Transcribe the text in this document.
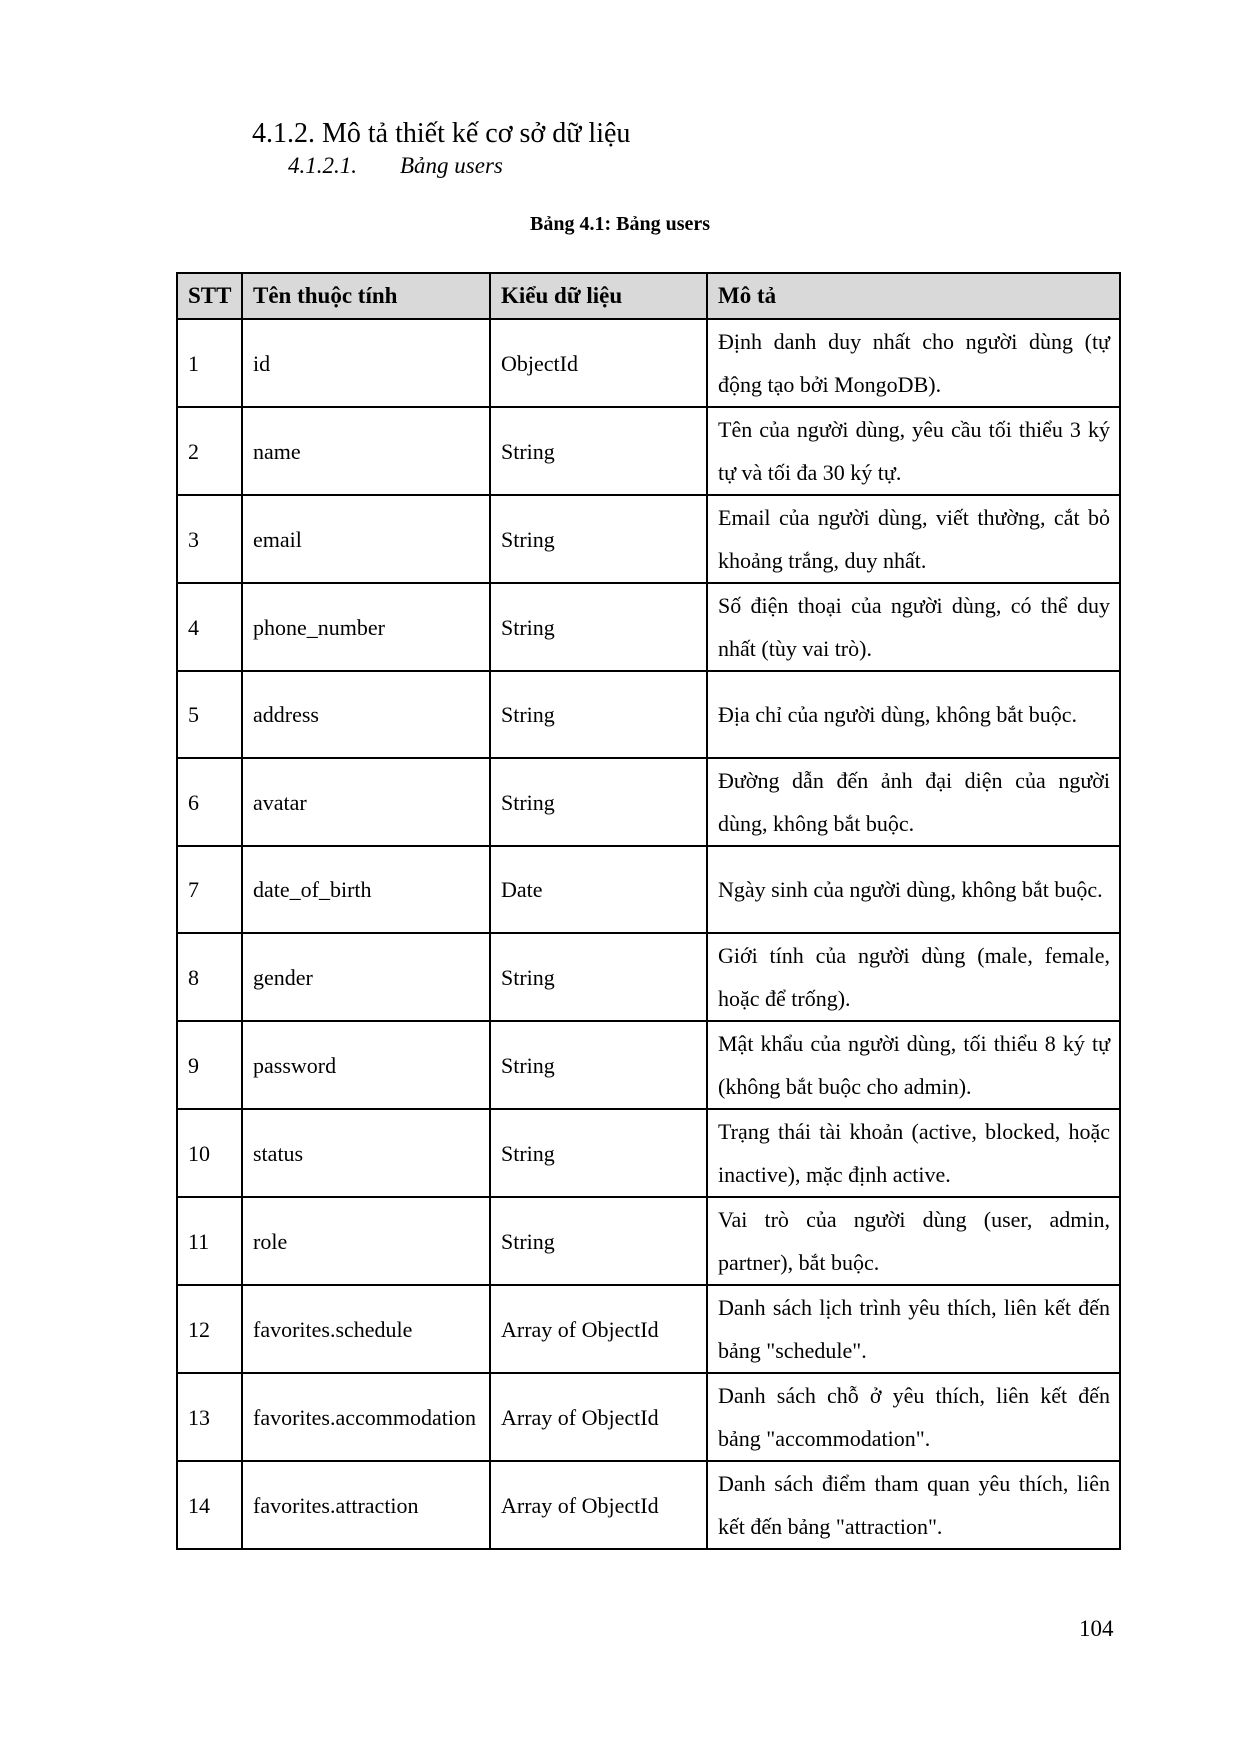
4.1.2. Mô tả thiết kế cơ sở dữ liệu
4.1.2.1. Bảng users
Bảng 4.1: Bảng users
STT	Tên thuộc tính	Kiểu dữ liệu	Mô tả
1	id	ObjectId	Định danh duy nhất cho người dùng (tự động tạo bởi MongoDB).
2	name	String	Tên của người dùng, yêu cầu tối thiểu 3 ký tự và tối đa 30 ký tự.
3	email	String	Email của người dùng, viết thường, cắt bỏ khoảng trắng, duy nhất.
4	phone_number	String	Số điện thoại của người dùng, có thể duy nhất (tùy vai trò).
5	address	String	Địa chỉ của người dùng, không bắt buộc.
6	avatar	String	Đường dẫn đến ảnh đại diện của người dùng, không bắt buộc.
7	date_of_birth	Date	Ngày sinh của người dùng, không bắt buộc.
8	gender	String	Giới tính của người dùng (male, female, hoặc để trống).
9	password	String	Mật khẩu của người dùng, tối thiểu 8 ký tự (không bắt buộc cho admin).
10	status	String	Trạng thái tài khoản (active, blocked, hoặc inactive), mặc định active.
11	role	String	Vai trò của người dùng (user, admin, partner), bắt buộc.
12	favorites.schedule	Array of ObjectId	Danh sách lịch trình yêu thích, liên kết đến bảng "schedule".
13	favorites.accommodation	Array of ObjectId	Danh sách chỗ ở yêu thích, liên kết đến bảng "accommodation".
14	favorites.attraction	Array of ObjectId	Danh sách điểm tham quan yêu thích, liên kết đến bảng "attraction".
104
